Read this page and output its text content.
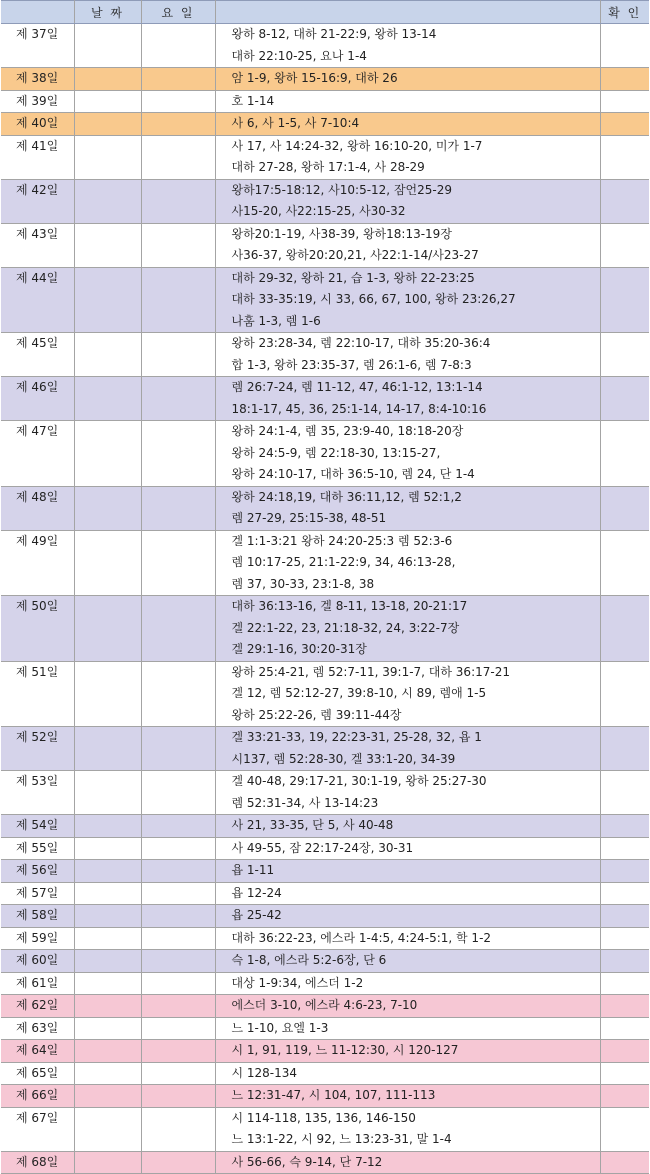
	날 짜	요 일		확 인
제 37일			왕하 8-12, 대하 21-22:9, 왕하 13-14
대하 22:10-25, 요나 1-4	

제 38일			암 1-9, 왕하 15-16:9, 대하 26	

제 39일			호 1-14	

제 40일			사 6, 사 1-5, 사 7-10:4	

제 41일			사 17, 사 14:24-32, 왕하 16:10-20, 미가 1-7
대하 27-28, 왕하 17:1-4, 사 28-29	

제 42일			왕하17:5-18:12, 사10:5-12, 잠언25-29
사15-20, 사22:15-25, 사30-32	

제 43일			왕하20:1-19, 사38-39, 왕하18:13-19장
사36-37, 왕하20:20,21, 사22:1-14/사23-27	

제 44일			대하 29-32, 왕하 21, 습 1-3, 왕하 22-23:25
대하 33-35:19, 시 33, 66, 67, 100, 왕하 23:26,27
나훔 1-3, 렘 1-6	

제 45일			왕하 23:28-34, 렘 22:10-17, 대하 35:20-36:4
합 1-3, 왕하 23:35-37, 렘 26:1-6, 렘 7-8:3	

제 46일			렘 26:7-24, 렘 11-12, 47, 46:1-12, 13:1-14
18:1-17, 45, 36, 25:1-14, 14-17, 8:4-10:16	

제 47일			왕하 24:1-4, 렘 35, 23:9-40, 18:18-20장
왕하 24:5-9, 렘 22:18-30, 13:15-27,
왕하 24:10-17, 대하 36:5-10, 렘 24, 단 1-4	

제 48일			왕하 24:18,19, 대하 36:11,12, 렘 52:1,2
렘 27-29, 25:15-38, 48-51	

제 49일			겔 1:1-3:21 왕하 24:20-25:3 렘 52:3-6
렘 10:17-25, 21:1-22:9, 34, 46:13-28,
렘 37, 30-33, 23:1-8, 38	

제 50일			대하 36:13-16, 겔 8-11, 13-18, 20-21:17
겔 22:1-22, 23, 21:18-32, 24, 3:22-7장
겔 29:1-16, 30:20-31장	

제 51일			왕하 25:4-21, 렘 52:7-11, 39:1-7, 대하 36:17-21
겔 12, 렘 52:12-27, 39:8-10, 시 89, 렘애 1-5
왕하 25:22-26, 렘 39:11-44장	

제 52일			겔 33:21-33, 19, 22:23-31, 25-28, 32, 욥 1
시137, 렘 52:28-30, 겔 33:1-20, 34-39	

제 53일			겔 40-48, 29:17-21, 30:1-19, 왕하 25:27-30
렘 52:31-34, 사 13-14:23	

제 54일			사 21, 33-35, 단 5, 사 40-48	

제 55일			사 49-55, 잠 22:17-24장, 30-31	

제 56일			욥 1-11	

제 57일			욥 12-24	

제 58일			욥 25-42	

제 59일			대하 36:22-23, 에스라 1-4:5, 4:24-5:1, 학 1-2	

제 60일			슥 1-8, 에스라 5:2-6장, 단 6	

제 61일			대상 1-9:34, 에스더 1-2	

제 62일			에스더 3-10, 에스라 4:6-23, 7-10	

제 63일			느 1-10, 요엘 1-3	

제 64일			시 1, 91, 119, 느 11-12:30, 시 120-127	

제 65일			시 128-134	

제 66일			느 12:31-47, 시 104, 107, 111-113	

제 67일			시 114-118, 135, 136, 146-150
느 13:1-22, 시 92, 느 13:23-31, 말 1-4	

제 68일			사 56-66, 슥 9-14, 단 7-12	
